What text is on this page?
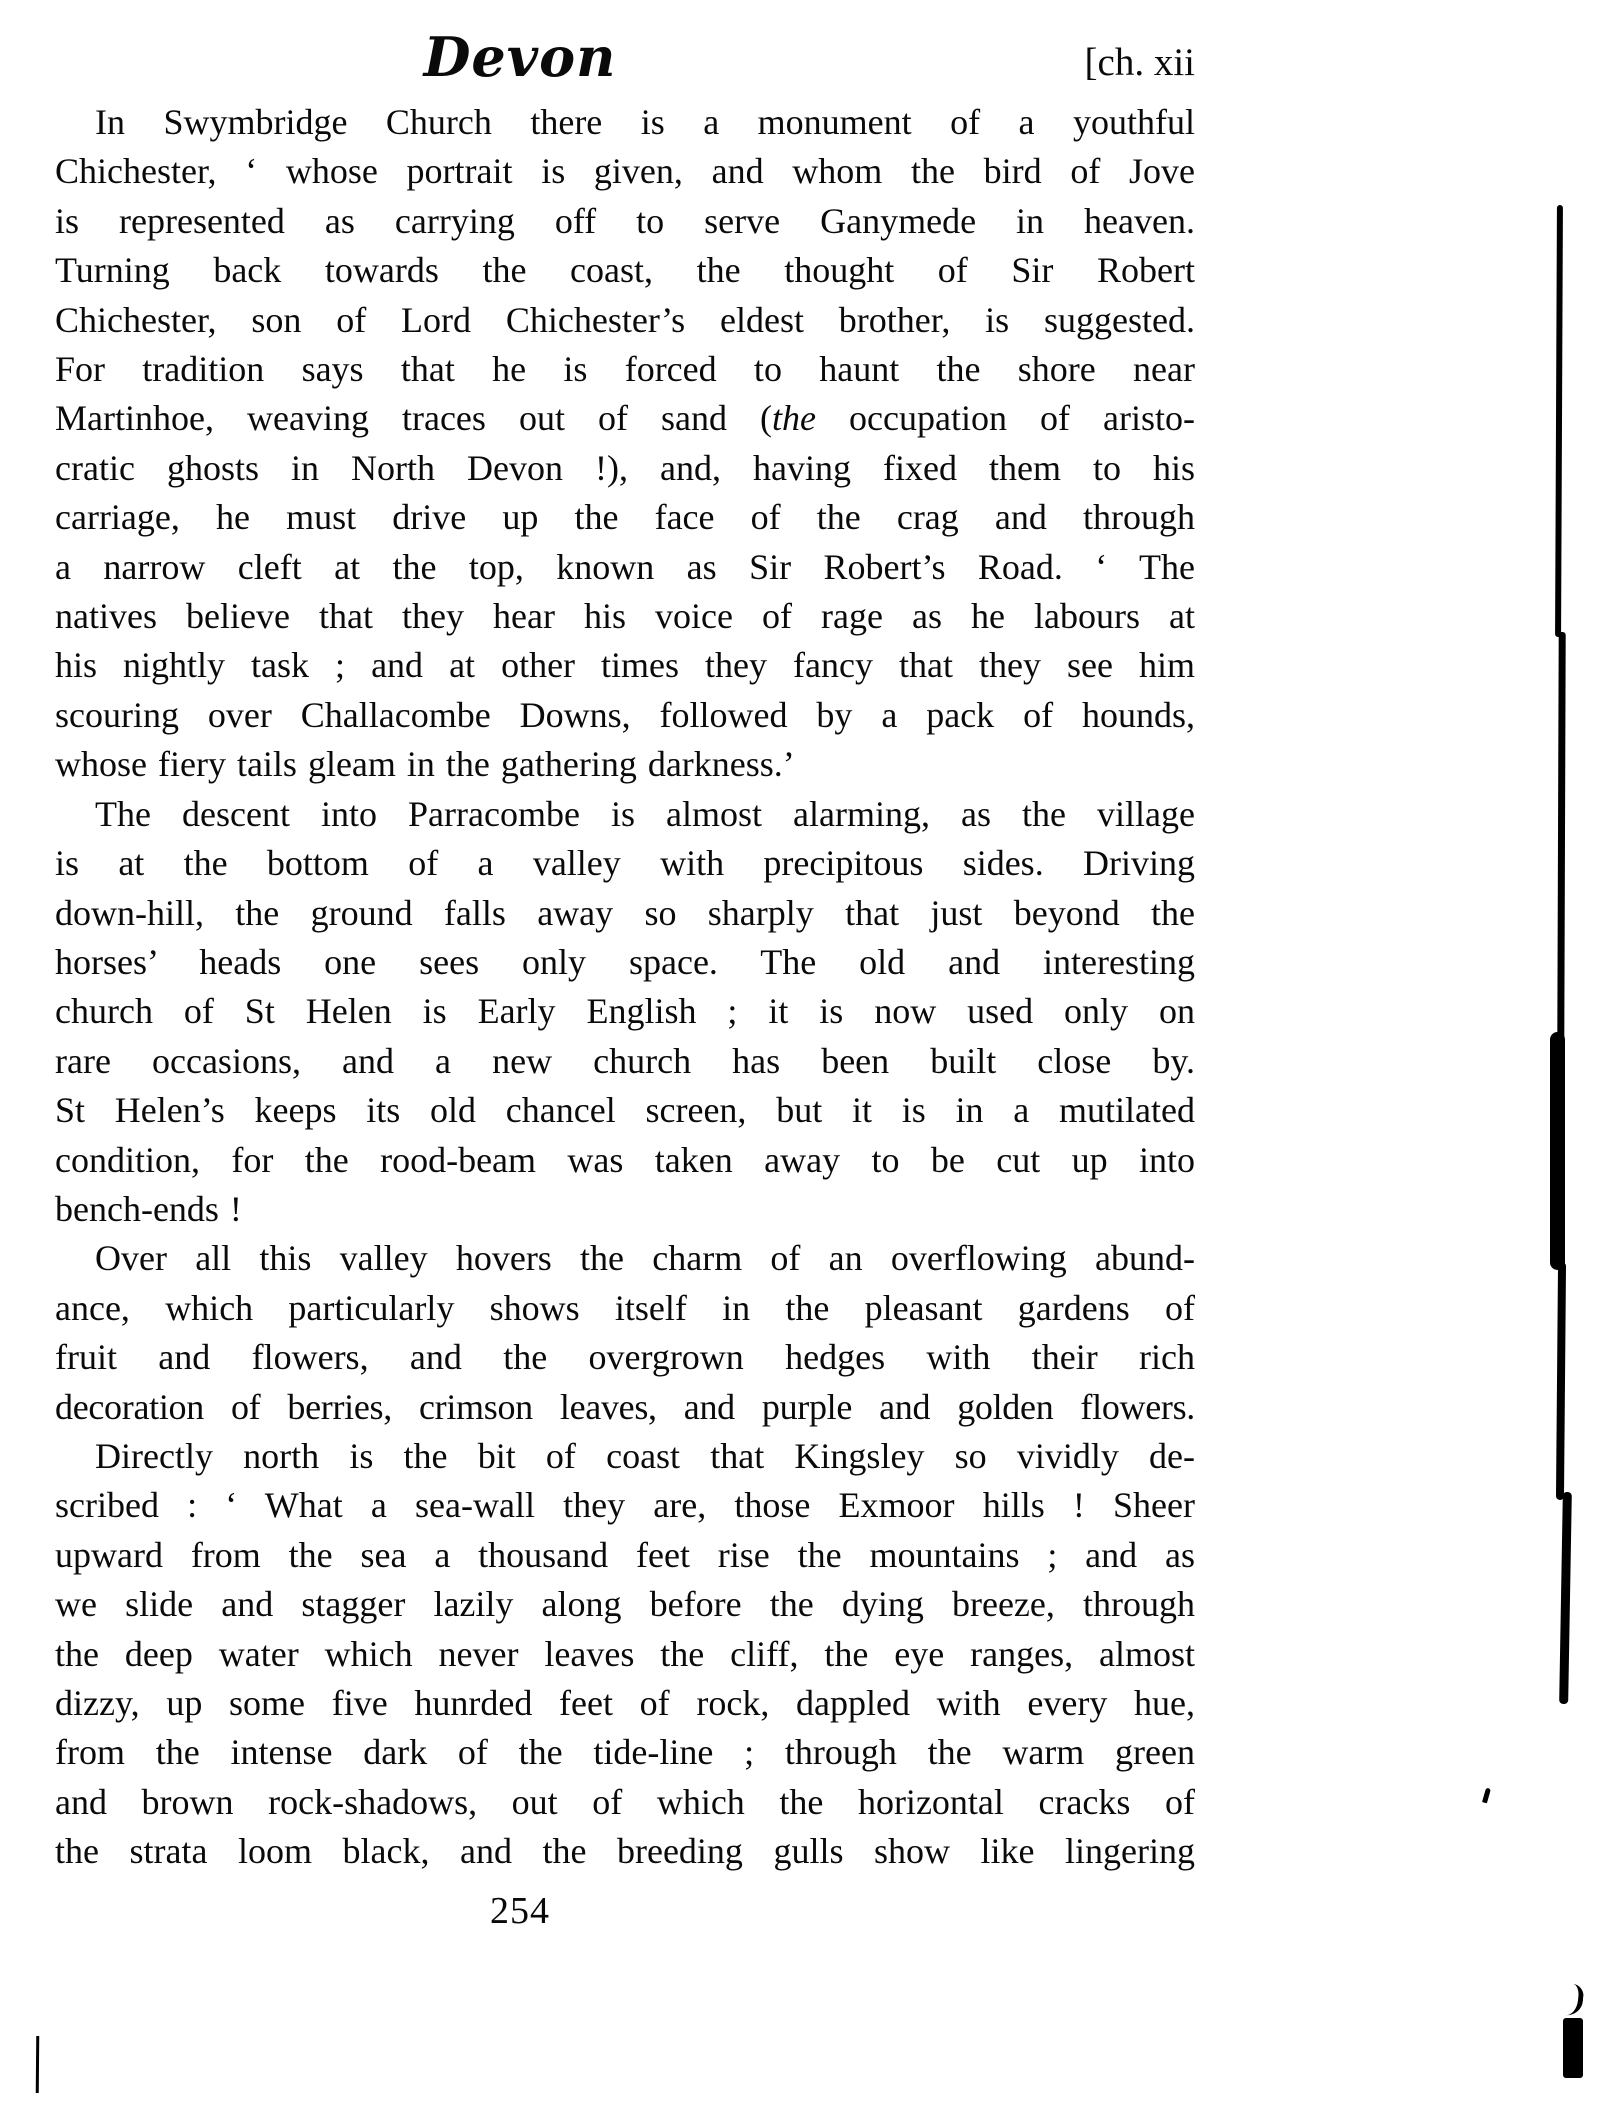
Devon	[ch. xii
In Swymbridge Church there is a monument of a youthful
Chichester, ‘ whose portrait is given, and whom the bird of Jove
is represented as carrying off to serve Ganymede in heaven.
Turning back towards the coast, the thought of Sir Robert
Chichester, son of Lord Chichester’s eldest brother, is suggested.
For tradition says that he is forced to haunt the shore near
Martinhoe, weaving traces out of sand (the occupation of aristo-
cratic ghosts in North Devon !), and, having fixed them to his
carriage, he must drive up the face of the crag and through
a narrow cleft at the top, known as Sir Robert’s Road. ‘ The
natives believe that they hear his voice of rage as he labours at
his nightly task ; and at other times they fancy that they see him
scouring over Challacombe Downs, followed by a pack of hounds,
whose fiery tails gleam in the gathering darkness.’
The descent into Parracombe is almost alarming, as the village
is at the bottom of a valley with precipitous sides. Driving
down-hill, the ground falls away so sharply that just beyond the
horses’ heads one sees only space. The old and interesting
church of St Helen is Early English ; it is now used only on
rare occasions, and a new church has been built close by.
St Helen’s keeps its old chancel screen, but it is in a mutilated
condition, for the rood-beam was taken away to be cut up into
bench-ends !
Over all this valley hovers the charm of an overflowing abund-
ance, which particularly shows itself in the pleasant gardens of
fruit and flowers, and the overgrown hedges with their rich
decoration of berries, crimson leaves, and purple and golden flowers.
Directly north is the bit of coast that Kingsley so vividly de-
scribed : ‘ What a sea-wall they are, those Exmoor hills ! Sheer
upward from the sea a thousand feet rise the mountains ; and as
we slide and stagger lazily along before the dying breeze, through
the deep water which never leaves the cliff, the eye ranges, almost
dizzy, up some five hunrded feet of rock, dappled with every hue,
from the intense dark of the tide-line ; through the warm green
and brown rock-shadows, out of which the horizontal cracks of
the strata loom black, and the breeding gulls show like lingering
254
